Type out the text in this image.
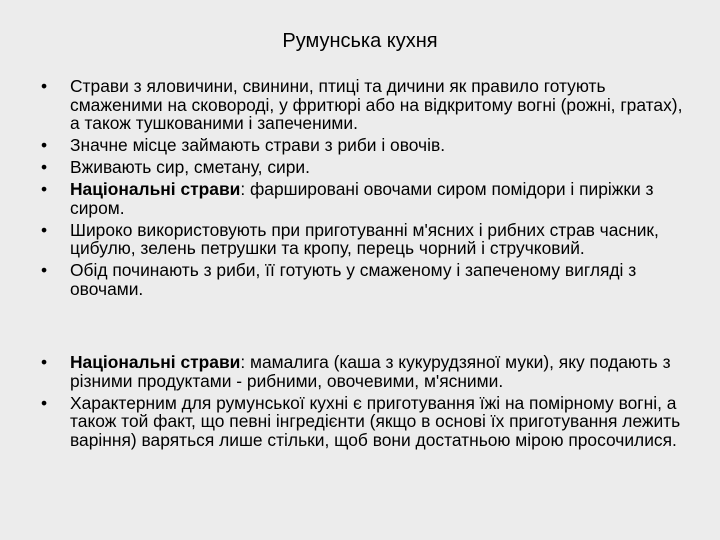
Румунська кухня
• Страви з яловичини, свинини, птиці та дичини як правило готують смаженими на сковороді, у фритюрі або на відкритому вогні (рожні, гратах), а також тушкованими і запеченими.
• Значне місце займають страви з риби і овочів.
• Вживають сир, сметану, сири.
• Національні страви: фаршировані овочами сиром помідори і пиріжки з сиром.
• Широко використовують при приготуванні м'ясних і рибних страв часник, цибулю, зелень петрушки та кропу, перець чорний і стручковий.
• Обід починають з риби, її готують у смаженому і запеченому вигляді з овочами.
• Національні страви: мамалига (каша з кукурудзяної муки), яку подають з різними продуктами - рибними, овочевими, м'ясними.
• Характерним для румунської кухні є приготування їжі на помірному вогні, а також той факт, що певні інгредієнти (якщо в основі їх приготування лежить варіння) варяться лише стільки, щоб вони достатньою мірою просочилися.
